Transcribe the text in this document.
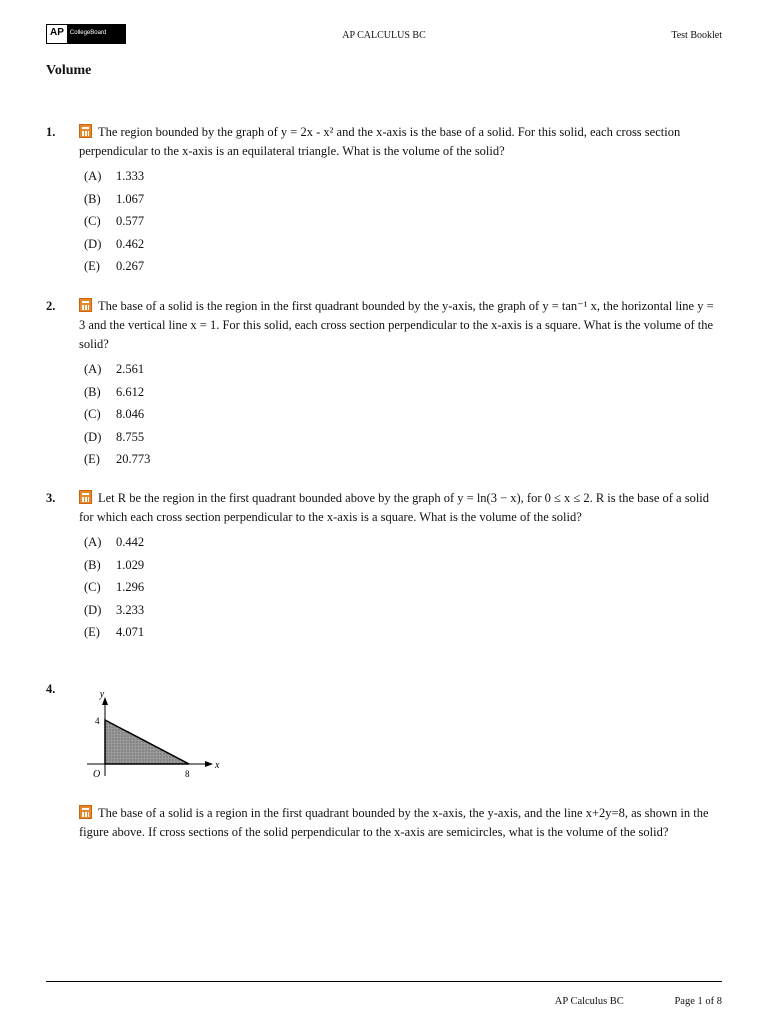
AP	CollegeBoard	AP CALCULUS BC	Test Booklet
Volume
1.	The region bounded by the graph of y = 2x - x² and the x-axis is the base of a solid. For this solid, each cross section perpendicular to the x-axis is an equilateral triangle. What is the volume of the solid?
(A) 1.333
(B) 1.067
(C) 0.577
(D) 0.462
(E) 0.267
2.	The base of a solid is the region in the first quadrant bounded by the y-axis, the graph of y = tan⁻¹ x, the horizontal line y = 3 and the vertical line x = 1. For this solid, each cross section perpendicular to the x-axis is a square. What is the volume of the solid?
(A) 2.561
(B) 6.612
(C) 8.046
(D) 8.755
(E) 20.773
3.	Let R be the region in the first quadrant bounded above by the graph of y = ln(3 − x), for 0 ≤ x ≤ 2. R is the base of a solid for which each cross section perpendicular to the x-axis is a square. What is the volume of the solid?
(A) 0.442
(B) 1.029
(C) 1.296
(D) 3.233
(E) 4.071
4.	y
x
O
4
8
The base of a solid is a region in the first quadrant bounded by the x-axis, the y-axis, and the line x+2y=8, as shown in the figure above. If cross sections of the solid perpendicular to the x-axis are semicircles, what is the volume of the solid?
AP Calculus BC	Page 1 of 8
